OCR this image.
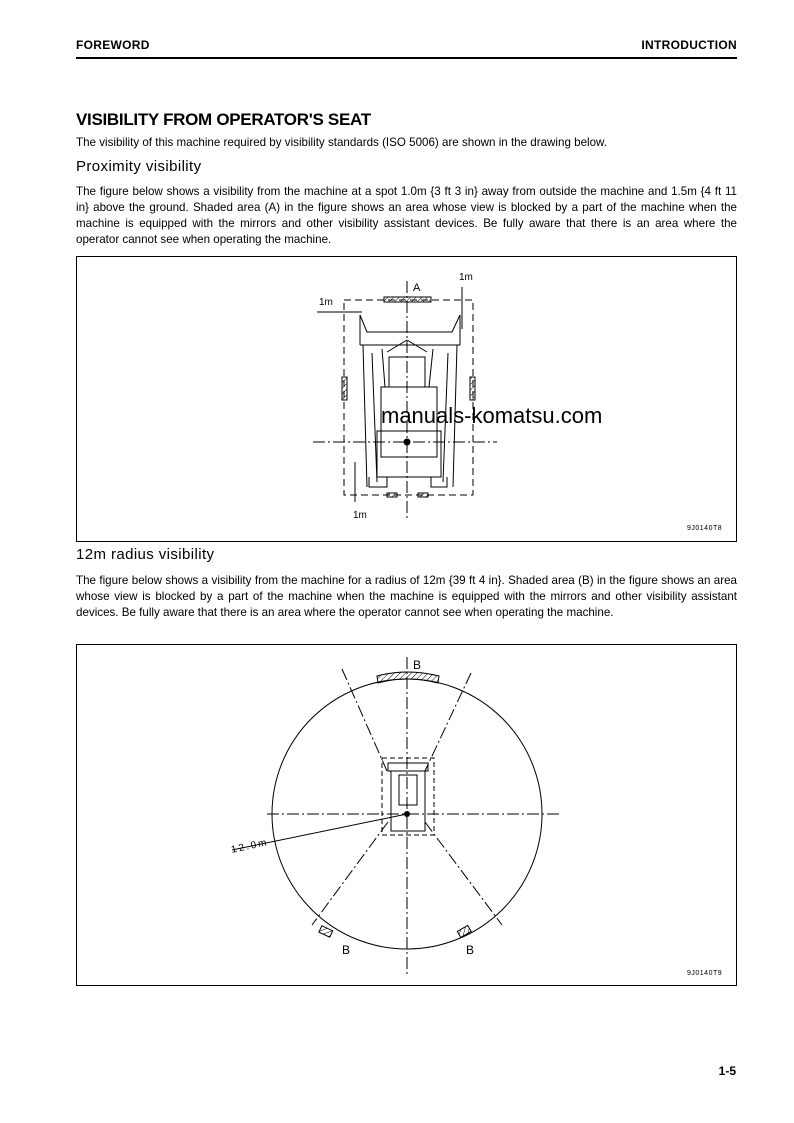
FOREWORD	INTRODUCTION
VISIBILITY FROM OPERATOR'S SEAT
The visibility of this machine required by visibility standards (ISO 5006) are shown in the drawing below.
Proximity visibility
The figure below shows a visibility from the machine at a spot 1.0m {3 ft 3 in} away from outside the machine and 1.5m {4 ft 11 in} above the ground. Shaded area (A) in the figure shows an area whose view is blocked by a part of the machine when the machine is equipped with the mirrors and other visibility assistant devices. Be fully aware that there is an area where the operator cannot see when operating the machine.
A
1m
1m
1m
manuals-komatsu.com
9J0140T8
12m radius visibility
The figure below shows a visibility from the machine for a radius of 12m {39 ft 4 in}. Shaded area (B) in the figure shows an area whose view is blocked by a part of the machine when the machine is equipped with the mirrors and other visibility assistant devices. Be fully aware that there is an area where the operator cannot see when operating the machine.
B
B	B
12.0m
9J0140T9
1-5
